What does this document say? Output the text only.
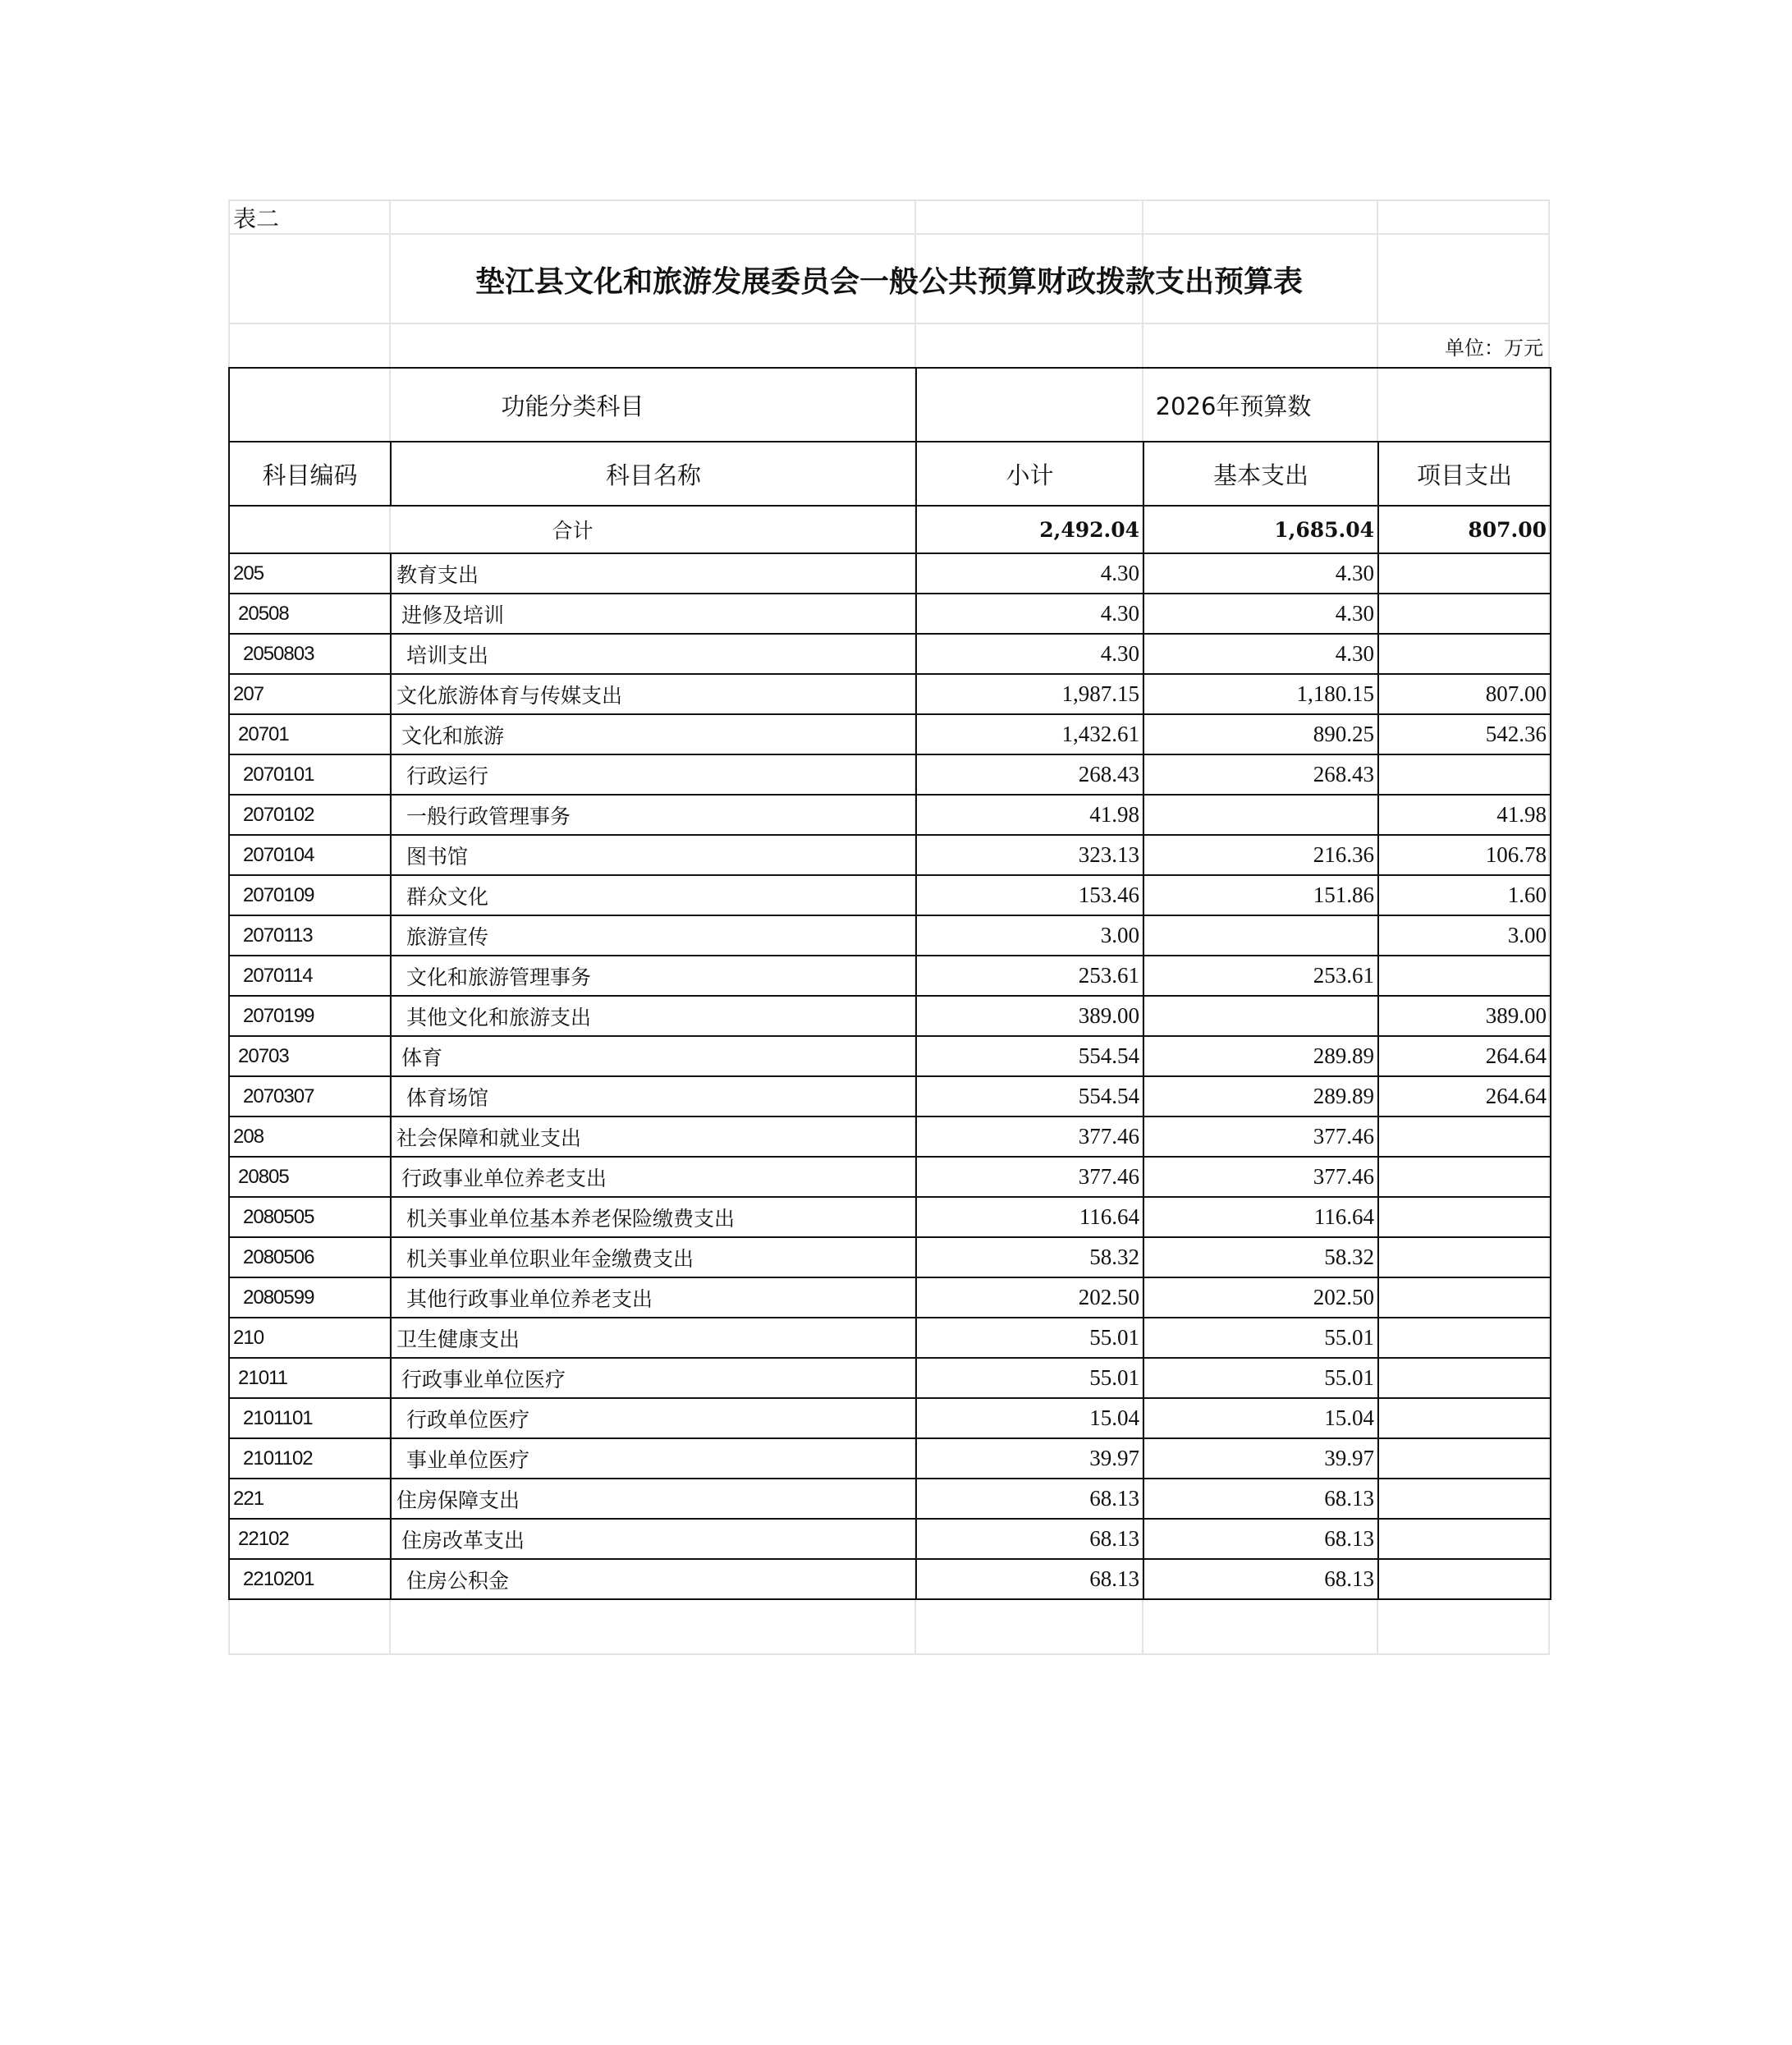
表二				
垫江县文化和旅游发展委员会一般公共预算财政拨款支出预算表				
				单位：万元
功能分类科目		2026年预算数		
科目编码	科目名称	小计	基本支出	项目支出
合计		2,492.04	1,685.04	807.00
205	教育支出	4.30	4.30	
20508	进修及培训	4.30	4.30	
2050803	培训支出	4.30	4.30	
207	文化旅游体育与传媒支出	1,987.15	1,180.15	807.00
20701	文化和旅游	1,432.61	890.25	542.36
2070101	行政运行	268.43	268.43	
2070102	一般行政管理事务	41.98		41.98
2070104	图书馆	323.13	216.36	106.78
2070109	群众文化	153.46	151.86	1.60
2070113	旅游宣传	3.00		3.00
2070114	文化和旅游管理事务	253.61	253.61	
2070199	其他文化和旅游支出	389.00		389.00
20703	体育	554.54	289.89	264.64
2070307	体育场馆	554.54	289.89	264.64
208	社会保障和就业支出	377.46	377.46	
20805	行政事业单位养老支出	377.46	377.46	
2080505	机关事业单位基本养老保险缴费支出	116.64	116.64	
2080506	机关事业单位职业年金缴费支出	58.32	58.32	
2080599	其他行政事业单位养老支出	202.50	202.50	
210	卫生健康支出	55.01	55.01	
21011	行政事业单位医疗	55.01	55.01	
2101101	行政单位医疗	15.04	15.04	
2101102	事业单位医疗	39.97	39.97	
221	住房保障支出	68.13	68.13	
22102	住房改革支出	68.13	68.13	
2210201	住房公积金	68.13	68.13	
